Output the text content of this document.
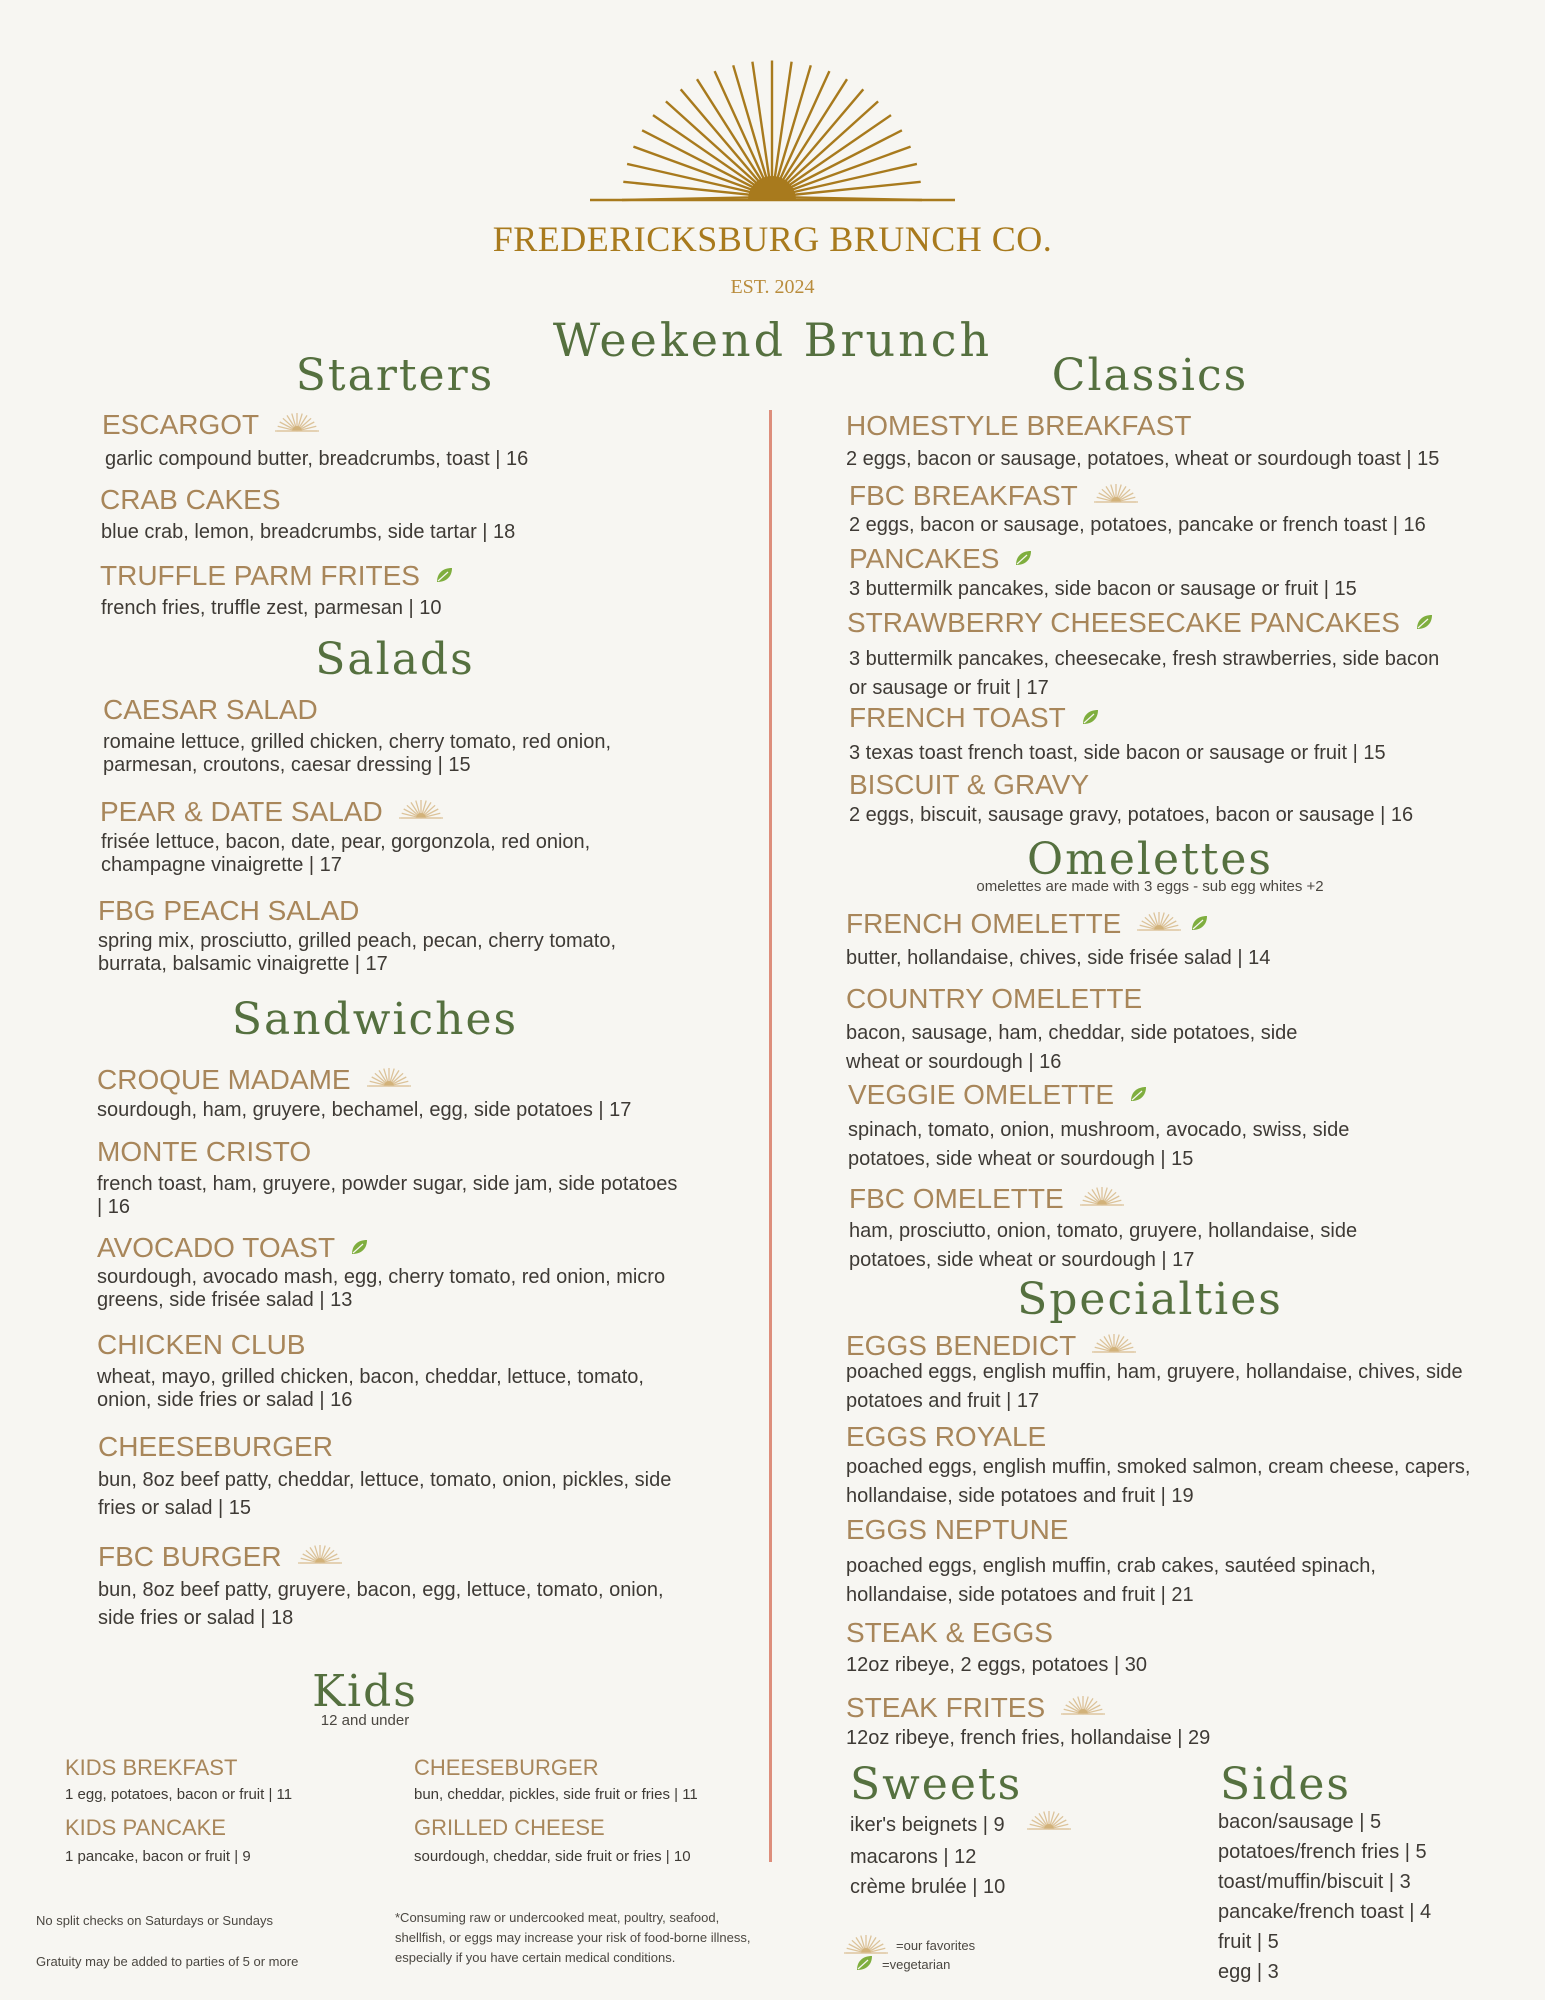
FREDERICKSBURG BRUNCH CO.
EST. 2024
Weekend Brunch
Starters
ESCARGOT
garlic compound butter, breadcrumbs, toast | 16
CRAB CAKES
blue crab, lemon, breadcrumbs, side tartar | 18
TRUFFLE PARM FRITES
french fries, truffle zest, parmesan | 10
Salads
CAESAR SALAD
romaine lettuce, grilled chicken, cherry tomato, red onion, parmesan, croutons, caesar dressing | 15
PEAR & DATE SALAD
frisée lettuce, bacon, date, pear, gorgonzola, red onion, champagne vinaigrette | 17
FBG PEACH SALAD
spring mix, prosciutto, grilled peach, pecan, cherry tomato, burrata, balsamic vinaigrette | 17
Sandwiches
CROQUE MADAME
sourdough, ham, gruyere, bechamel, egg, side potatoes | 17
MONTE CRISTO
french toast, ham, gruyere, powder sugar, side jam, side potatoes | 16
AVOCADO TOAST
sourdough, avocado mash, egg, cherry tomato, red onion, micro greens, side frisée salad | 13
CHICKEN CLUB
wheat, mayo, grilled chicken, bacon, cheddar, lettuce, tomato, onion, side fries or salad | 16
CHEESEBURGER
bun, 8oz beef patty, cheddar, lettuce, tomato, onion, pickles, side fries or salad | 15
FBC BURGER
bun, 8oz beef patty, gruyere, bacon, egg, lettuce, tomato, onion, side fries or salad | 18
Kids
12 and under
KIDS BREKFAST
1 egg, potatoes, bacon or fruit | 11
CHEESEBURGER
bun, cheddar, pickles, side fruit or fries | 11
KIDS PANCAKE
1 pancake, bacon or fruit | 9
GRILLED CHEESE
sourdough, cheddar, side fruit or fries | 10
No split checks on Saturdays or Sundays
Gratuity may be added to parties of 5 or more
*Consuming raw or undercooked meat, poultry, seafood, shellfish, or eggs may increase your risk of food-borne illness, especially if you have certain medical conditions.
Classics
HOMESTYLE BREAKFAST
2 eggs, bacon or sausage, potatoes, wheat or sourdough toast | 15
FBC BREAKFAST
2 eggs, bacon or sausage, potatoes, pancake or french toast | 16
PANCAKES
3 buttermilk pancakes, side bacon or sausage or fruit | 15
STRAWBERRY CHEESECAKE PANCAKES
3 buttermilk pancakes, cheesecake, fresh strawberries, side bacon or sausage or fruit | 17
FRENCH TOAST
3 texas toast french toast, side bacon or sausage or fruit | 15
BISCUIT & GRAVY
2 eggs, biscuit, sausage gravy, potatoes, bacon or sausage | 16
Omelettes
omelettes are made with 3 eggs - sub egg whites +2
FRENCH OMELETTE
butter, hollandaise, chives, side frisée salad | 14
COUNTRY OMELETTE
bacon, sausage, ham, cheddar, side potatoes, side wheat or sourdough | 16
VEGGIE OMELETTE
spinach, tomato, onion, mushroom, avocado, swiss, side potatoes, side wheat or sourdough | 15
FBC OMELETTE
ham, prosciutto, onion, tomato, gruyere, hollandaise, side potatoes, side wheat or sourdough | 17
Specialties
EGGS BENEDICT
poached eggs, english muffin, ham, gruyere, hollandaise, chives, side potatoes and fruit | 17
EGGS ROYALE
poached eggs, english muffin, smoked salmon, cream cheese, capers, hollandaise, side potatoes and fruit | 19
EGGS NEPTUNE
poached eggs, english muffin, crab cakes, sautéed spinach, hollandaise, side potatoes and fruit | 21
STEAK & EGGS
12oz ribeye, 2 eggs, potatoes | 30
STEAK FRITES
12oz ribeye, french fries, hollandaise | 29
Sweets
iker's beignets | 9
macarons | 12
crème brulée | 10
Sides
bacon/sausage | 5
potatoes/french fries | 5
toast/muffin/biscuit | 3
pancake/french toast | 4
fruit | 5
egg | 3
=our favorites
=vegetarian
